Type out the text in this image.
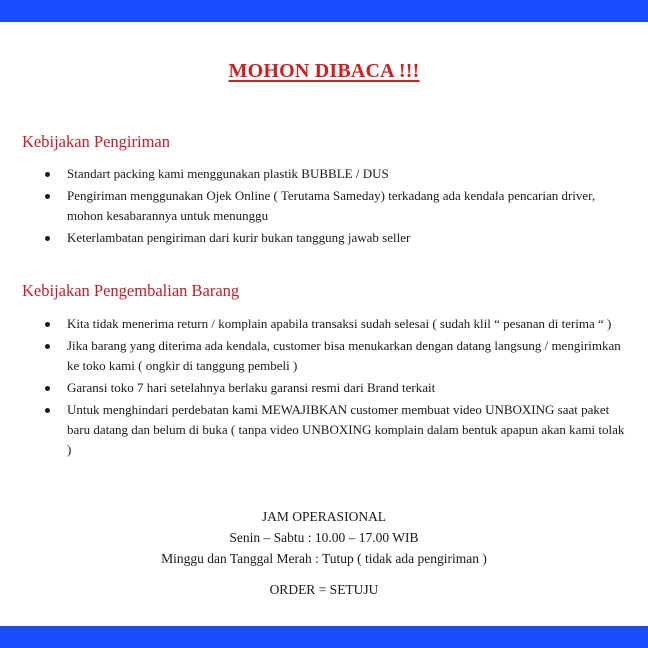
MOHON DIBACA !!!
Kebijakan Pengiriman
Standart packing kami menggunakan plastik BUBBLE / DUS
Pengiriman menggunakan Ojek Online ( Terutama Sameday) terkadang ada kendala pencarian driver, mohon kesabarannya untuk menunggu
Keterlambatan pengiriman dari kurir bukan tanggung jawab seller
Kebijakan Pengembalian Barang
Kita tidak menerima return / komplain apabila transaksi sudah selesai ( sudah klil “ pesanan di terima “ )
Jika barang yang diterima ada kendala, customer bisa menukarkan dengan datang langsung / mengirimkan ke toko kami ( ongkir di tanggung pembeli )
Garansi toko 7 hari setelahnya berlaku garansi resmi dari Brand terkait
Untuk menghindari perdebatan kami MEWAJIBKAN customer membuat video UNBOXING saat paket baru datang dan belum di buka ( tanpa video UNBOXING komplain dalam bentuk apapun akan kami tolak )
JAM OPERASIONAL
Senin – Sabtu : 10.00 – 17.00 WIB
Minggu dan Tanggal Merah : Tutup ( tidak ada pengiriman )
ORDER = SETUJU
